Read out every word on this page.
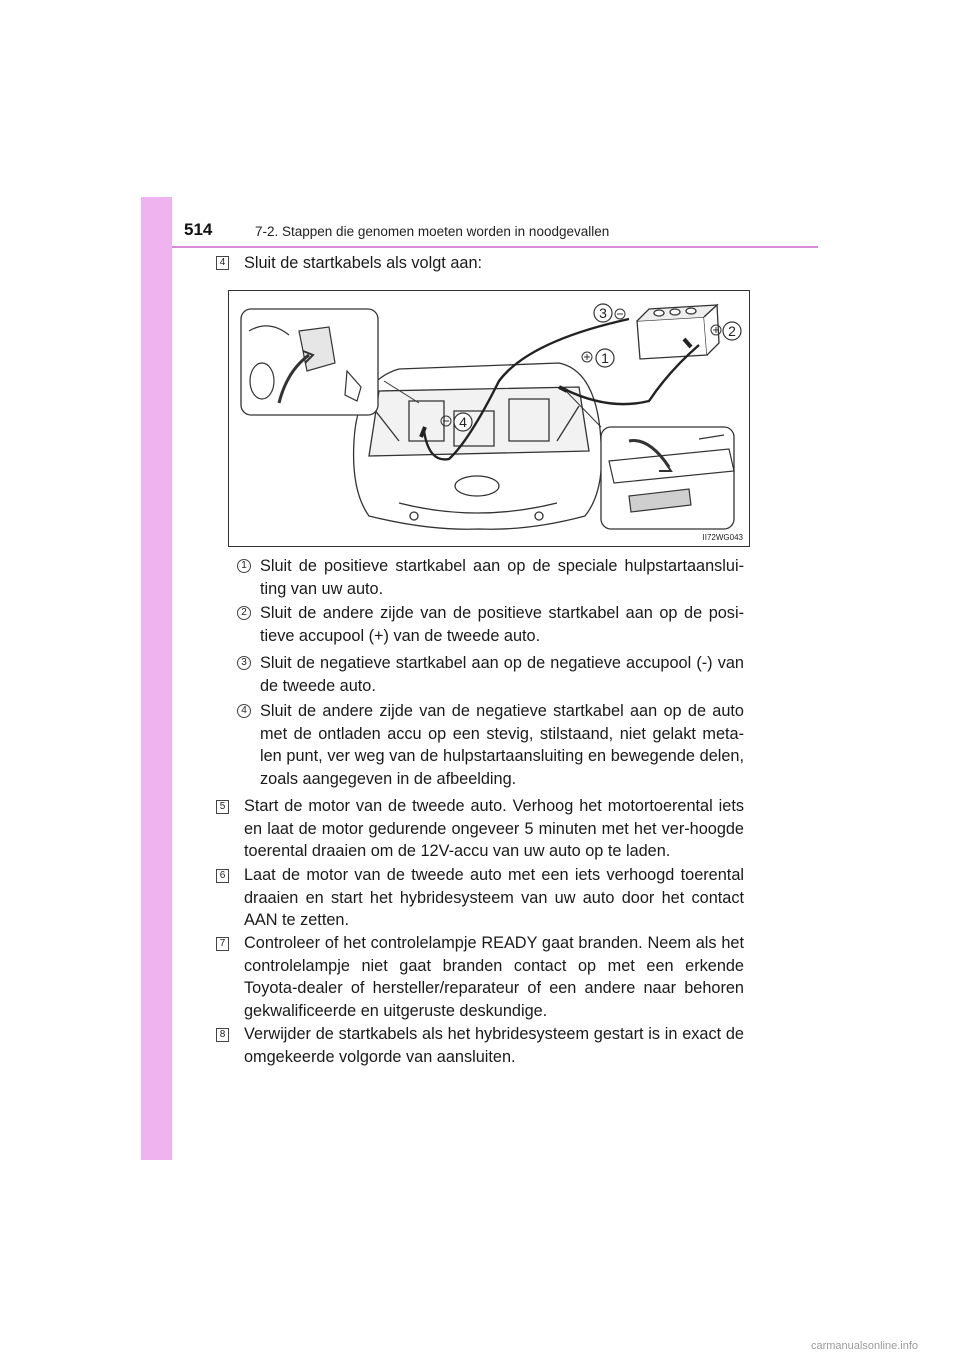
514	7-2. Stappen die genomen moeten worden in noodgevallen
4 Sluit de startkabels als volgt aan:
1
2
3
4
II72WG043
1 Sluit de positieve startkabel aan op de speciale hulpstartaanslui-ting van uw auto.
2 Sluit de andere zijde van de positieve startkabel aan op de posi-tieve accupool (+) van de tweede auto.
3 Sluit de negatieve startkabel aan op de negatieve accupool (-) van de tweede auto.
4 Sluit de andere zijde van de negatieve startkabel aan op de auto met de ontladen accu op een stevig, stilstaand, niet gelakt meta-len punt, ver weg van de hulpstartaansluiting en bewegende delen, zoals aangegeven in de afbeelding.
5 Start de motor van de tweede auto. Verhoog het motortoerental iets en laat de motor gedurende ongeveer 5 minuten met het ver-hoogde toerental draaien om de 12V-accu van uw auto op te laden.
6 Laat de motor van de tweede auto met een iets verhoogd toerental draaien en start het hybridesysteem van uw auto door het contact AAN te zetten.
7 Controleer of het controlelampje READY gaat branden. Neem als het controlelampje niet gaat branden contact op met een erkende Toyota-dealer of hersteller/reparateur of een andere naar behoren gekwalificeerde en uitgeruste deskundige.
8 Verwijder de startkabels als het hybridesysteem gestart is in exact de omgekeerde volgorde van aansluiten.
carmanualsonline.info
